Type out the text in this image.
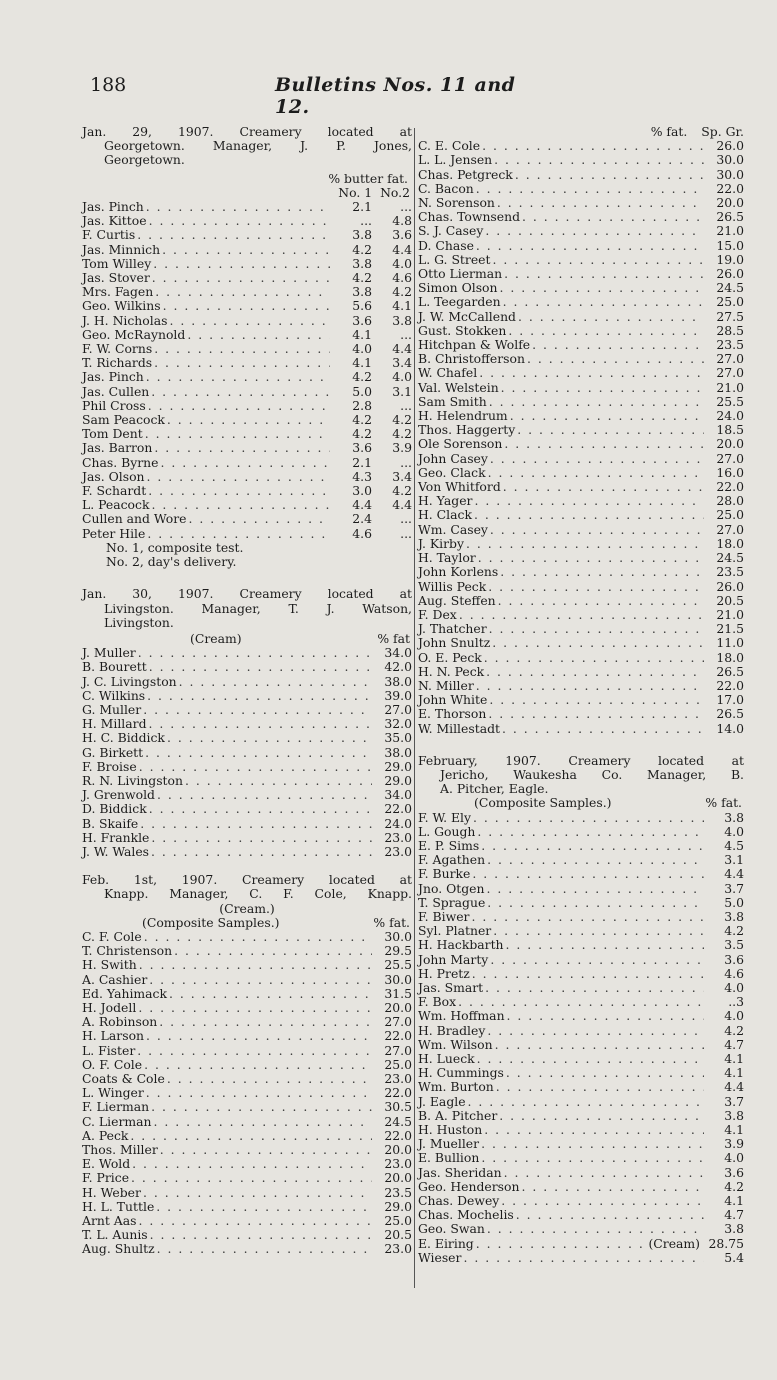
188	Bulletins Nos. 11 and 12.
Jan. 29, 1907. Creamery located at
Georgetown. Manager, J. P. Jones,
Georgetown.
% butter fat.
No. 1 No.2
Jas. Pinch . . .	2.1	...
Jas. Kittoe . . .	...	4.8
F. Curtis . . .	3.8	3.6
Jas. Minnich . . .	4.2	4.4
Tom Willey . . .	3.8	4.0
Jas. Stover . . .	4.2	4.6
Mrs. Fagen . . .	3.8	4.2
Geo. Wilkins . . .	5.6	4.1
J. H. Nicholas . . .	3.6	3.8
Geo. McRaynold . . .	4.1	...
F. W. Corns . . .	4.0	4.4
T. Richards . . .	4.1	3.4
Jas. Pinch . . .	4.2	4.0
Jas. Cullen . . .	5.0	3.1
Phil Cross . . .	2.8	...
Sam Peacock . . .	4.2	4.2
Tom Dent . . .	4.2	4.2
Jas. Barron . . .	3.6	3.9
Chas. Byrne . . .	2.1	...
Jas. Olson . . .	4.3	3.4
F. Schardt . . .	3.0	4.2
L. Peacock . . .	4.4	4.4
Cullen and Wore . . .	2.4	...
Peter Hile . . .	4.6	...
No. 1, composite test.
No. 2, day's delivery.
Jan. 30, 1907. Creamery located at
Livingston. Manager, T. J. Watson,
Livingston.
(Cream)	% fat
J. Muller . . .	34.0
B. Bourett . . .	42.0
J. C. Livingston . . .	38.0
C. Wilkins . . .	39.0
G. Muller . . .	27.0
H. Millard . . .	32.0
H. C. Biddick . . .	35.0
G. Birkett . . .	38.0
F. Broise . . .	29.0
R. N. Livingston . . .	29.0
J. Grenwold . . .	34.0
D. Biddick . . .	22.0
B. Skaife . . .	24.0
H. Frankle . . .	23.0
J. W. Wales . . .	23.0
Feb. 1st, 1907. Creamery located at
Knapp. Manager, C. F. Cole, Knapp.
(Cream.)
(Composite Samples.)	% fat.
C. F. Cole . . .	30.0
T. Christenson . . .	29.5
H. Swith . . .	25.5
A. Cashier . . .	30.0
Ed. Yahimack . . .	31.5
H. Jodell . . .	20.0
A. Robinson . . .	27.0
H. Larson . . .	22.0
L. Fister . . .	27.0
O. F. Cole . . .	25.0
Coats & Cole . . .	23.0
L. Winger . . .	22.0
F. Lierman . . .	30.5
C. Lierman . . .	24.5
A. Peck . . .	22.0
Thos. Miller . . .	20.0
E. Wold . . .	23.0
F. Price . . .	20.0
H. Weber . . .	23.5
H. L. Tuttle . . .	29.0
Arnt Aas . . .	25.0
T. L. Aunis . . .	20.5
Aug. Shultz . . .	23.0
% fat. Sp. Gr.
C. E. Cole . . .	26.0
L. L. Jensen . . .	30.0
Chas. Petgreck . . .	30.0
C. Bacon . . .	22.0
N. Sorenson . . .	20.0
Chas. Townsend . . .	26.5
S. J. Casey . . .	21.0
D. Chase . . .	15.0
L. G. Street . . .	19.0
Otto Lierman . . .	26.0
Simon Olson . . .	24.5
L. Teegarden . . .	25.0
J. W. McCallend . . .	27.5
Gust. Stokken . . .	28.5
Hitchpan & Wolfe . . .	23.5
B. Christofferson . . .	27.0
W. Chafel . . .	27.0
Val. Welstein . . .	21.0
Sam Smith . . .	25.5
H. Helendrum . . .	24.0
Thos. Haggerty . . .	18.5
Ole Sorenson . . .	20.0
John Casey . . .	27.0
Geo. Clack . . .	16.0
Von Whitford . . .	22.0
H. Yager . . .	28.0
H. Clack . . .	25.0
Wm. Casey . . .	27.0
J. Kirby . . .	18.0
H. Taylor . . .	24.5
John Korlens . . .	23.5
Willis Peck . . .	26.0
Aug. Steffen . . .	20.5
F. Dex . . .	21.0
J. Thatcher . . .	21.5
John Snultz . . .	11.0
O. E. Peck . . .	18.0
H. N. Peck . . .	26.5
N. Miller . . .	22.0
John White . . .	17.0
E. Thorson . . .	26.5
W. Millestadt . . .	14.0
February, 1907. Creamery located at
Jericho, Waukesha Co. Manager, B.
A. Pitcher, Eagle.
(Composite Samples.)	% fat.
F. W. Ely . . .	3.8
L. Gough . . .	4.0
E. P. Sims . . .	4.5
F. Agathen . . .	3.1
F. Burke . . .	4.4
Jno. Otgen . . .	3.7
T. Sprague . . .	5.0
F. Biwer . . .	3.8
Syl. Platner . . .	4.2
H. Hackbarth . . .	3.5
John Marty . . .	3.6
H. Pretz . . .	4.6
Jas. Smart . . .	4.0
F. Box . . .	..3
Wm. Hoffman . . .	4.0
H. Bradley . . .	4.2
Wm. Wilson . . .	4.7
H. Lueck . . .	4.1
H. Cummings . . .	4.1
Wm. Burton . . .	4.4
J. Eagle . . .	3.7
B. A. Pitcher . . .	3.8
H. Huston . . .	4.1
J. Mueller . . .	3.9
E. Bullion . . .	4.0
Jas. Sheridan . . .	3.6
Geo. Henderson . . .	4.2
Chas. Dewey . . .	4.1
Chas. Mochelis . . .	4.7
Geo. Swan . . .	3.8
E. Eiring . . .	(Cream) 28.75
Wieser . . .	5.4
